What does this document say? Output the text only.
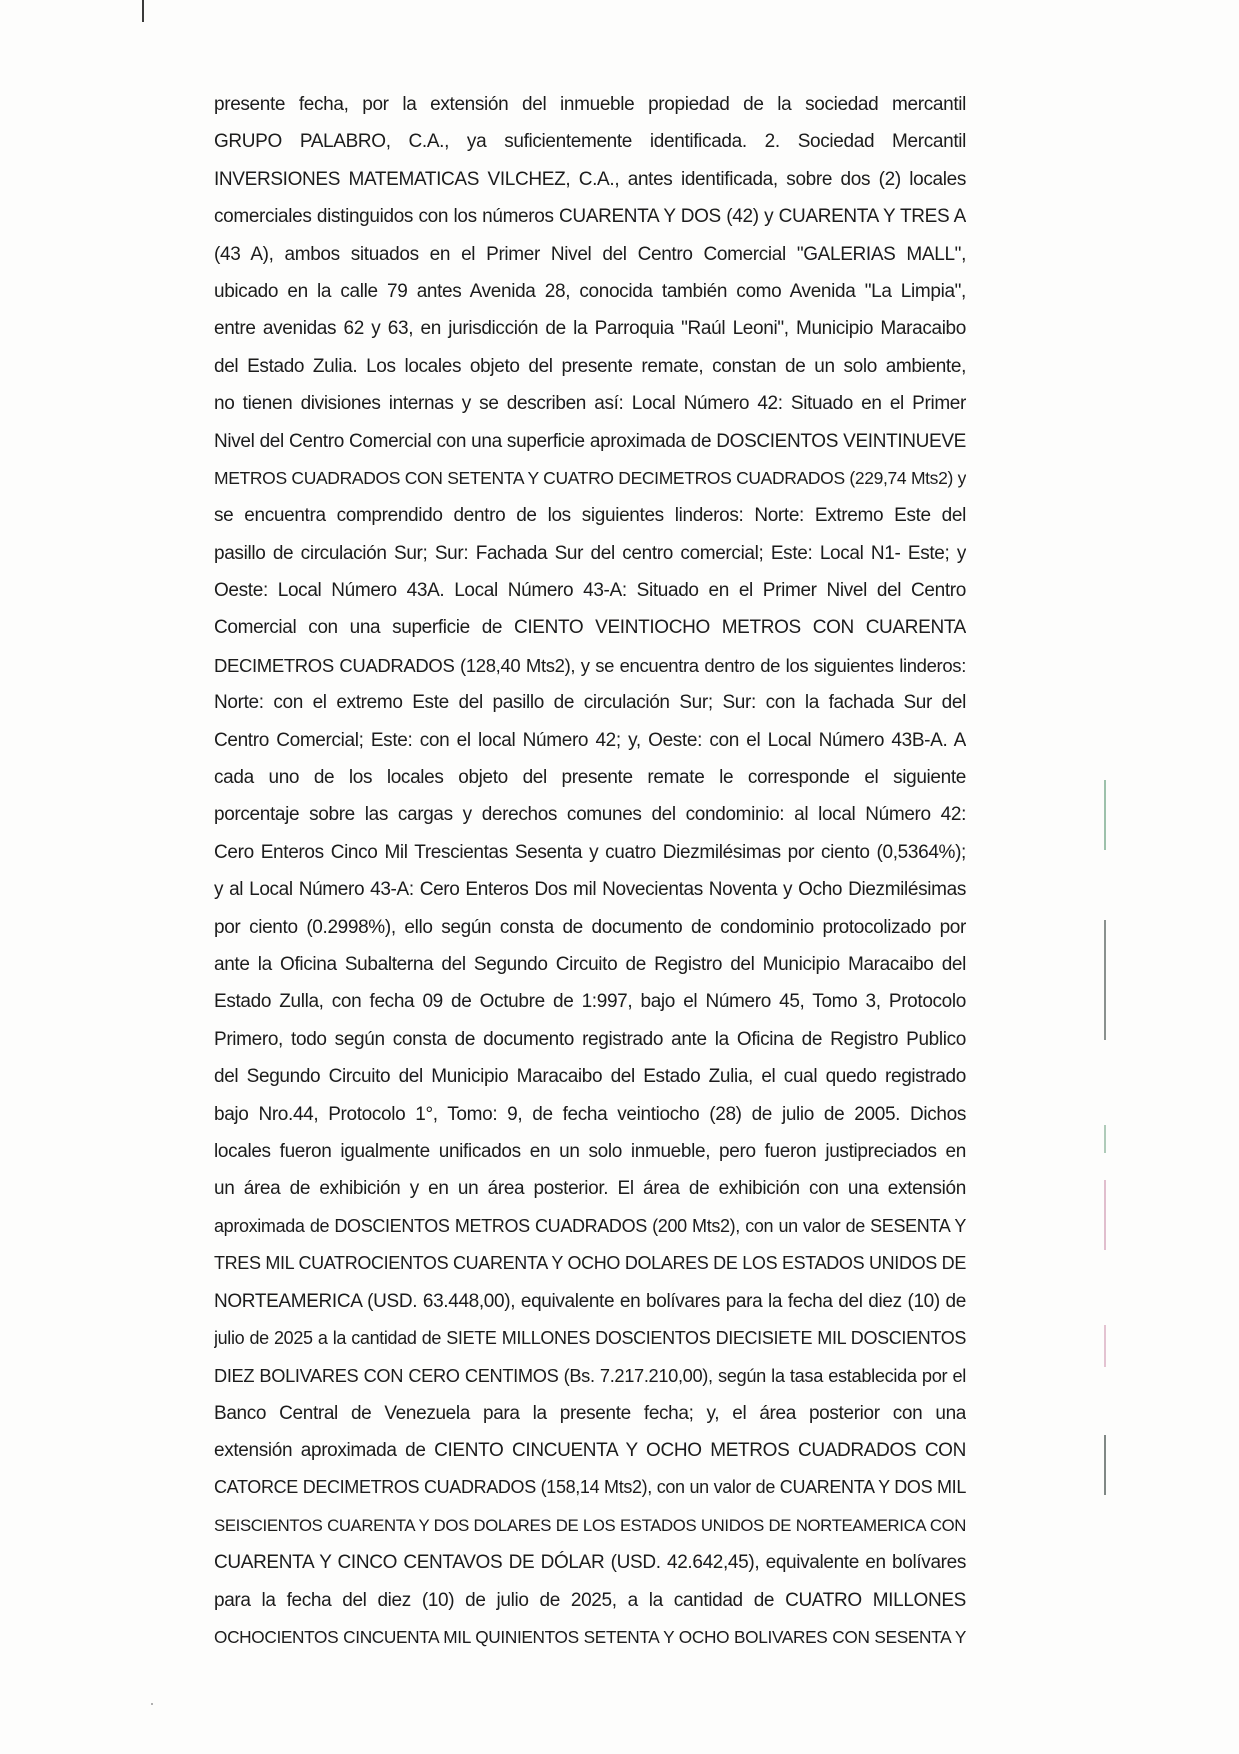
presente fecha, por la extensión del inmueble propiedad de la sociedad mercantil
GRUPO PALABRO, C.A., ya suficientemente identificada. 2. Sociedad Mercantil
INVERSIONES MATEMATICAS VILCHEZ, C.A., antes identificada, sobre dos (2) locales
comerciales distinguidos con los números CUARENTA Y DOS (42) y CUARENTA Y TRES A
(43 A), ambos situados en el Primer Nivel del Centro Comercial "GALERIAS MALL",
ubicado en la calle 79 antes Avenida 28, conocida también como Avenida "La Limpia",
entre avenidas 62 y 63, en jurisdicción de la Parroquia "Raúl Leoni", Municipio Maracaibo
del Estado Zulia. Los locales objeto del presente remate, constan de un solo ambiente,
no tienen divisiones internas y se describen así: Local Número 42: Situado en el Primer
Nivel del Centro Comercial con una superficie aproximada de DOSCIENTOS VEINTINUEVE
METROS CUADRADOS CON SETENTA Y CUATRO DECIMETROS CUADRADOS (229,74 Mts2) y
se encuentra comprendido dentro de los siguientes linderos: Norte: Extremo Este del
pasillo de circulación Sur; Sur: Fachada Sur del centro comercial; Este: Local N1- Este; y
Oeste: Local Número 43A. Local Número 43-A: Situado en el Primer Nivel del Centro
Comercial con una superficie de CIENTO VEINTIOCHO METROS CON CUARENTA
DECIMETROS CUADRADOS (128,40 Mts2), y se encuentra dentro de los siguientes linderos:
Norte: con el extremo Este del pasillo de circulación Sur; Sur: con la fachada Sur del
Centro Comercial; Este: con el local Número 42; y, Oeste: con el Local Número 43B-A. A
cada uno de los locales objeto del presente remate le corresponde el siguiente
porcentaje sobre las cargas y derechos comunes del condominio: al local Número 42:
Cero Enteros Cinco Mil Trescientas Sesenta y cuatro Diezmilésimas por ciento (0,5364%);
y al Local Número 43-A: Cero Enteros Dos mil Novecientas Noventa y Ocho Diezmilésimas
por ciento (0.2998%), ello según consta de documento de condominio protocolizado por
ante la Oficina Subalterna del Segundo Circuito de Registro del Municipio Maracaibo del
Estado Zulla, con fecha 09 de Octubre de 1:997, bajo el Número 45, Tomo 3, Protocolo
Primero, todo según consta de documento registrado ante la Oficina de Registro Publico
del Segundo Circuito del Municipio Maracaibo del Estado Zulia, el cual quedo registrado
bajo Nro.44, Protocolo 1°, Tomo: 9, de fecha veintiocho (28) de julio de 2005. Dichos
locales fueron igualmente unificados en un solo inmueble, pero fueron justipreciados en
un área de exhibición y en un área posterior. El área de exhibición con una extensión
aproximada de DOSCIENTOS METROS CUADRADOS (200 Mts2), con un valor de SESENTA Y
TRES MIL CUATROCIENTOS CUARENTA Y OCHO DOLARES DE LOS ESTADOS UNIDOS DE
NORTEAMERICA (USD. 63.448,00), equivalente en bolívares para la fecha del diez (10) de
julio de 2025 a la cantidad de SIETE MILLONES DOSCIENTOS DIECISIETE MIL DOSCIENTOS
DIEZ BOLIVARES CON CERO CENTIMOS (Bs. 7.217.210,00), según la tasa establecida por el
Banco Central de Venezuela para la presente fecha; y, el área posterior con una
extensión aproximada de CIENTO CINCUENTA Y OCHO METROS CUADRADOS CON
CATORCE DECIMETROS CUADRADOS (158,14 Mts2), con un valor de CUARENTA Y DOS MIL
SEISCIENTOS CUARENTA Y DOS DOLARES DE LOS ESTADOS UNIDOS DE NORTEAMERICA CON
CUARENTA Y CINCO CENTAVOS DE DÓLAR (USD. 42.642,45), equivalente en bolívares
para la fecha del diez (10) de julio de 2025, a la cantidad de CUATRO MILLONES
OCHOCIENTOS CINCUENTA MIL QUINIENTOS SETENTA Y OCHO BOLIVARES CON SESENTA Y
